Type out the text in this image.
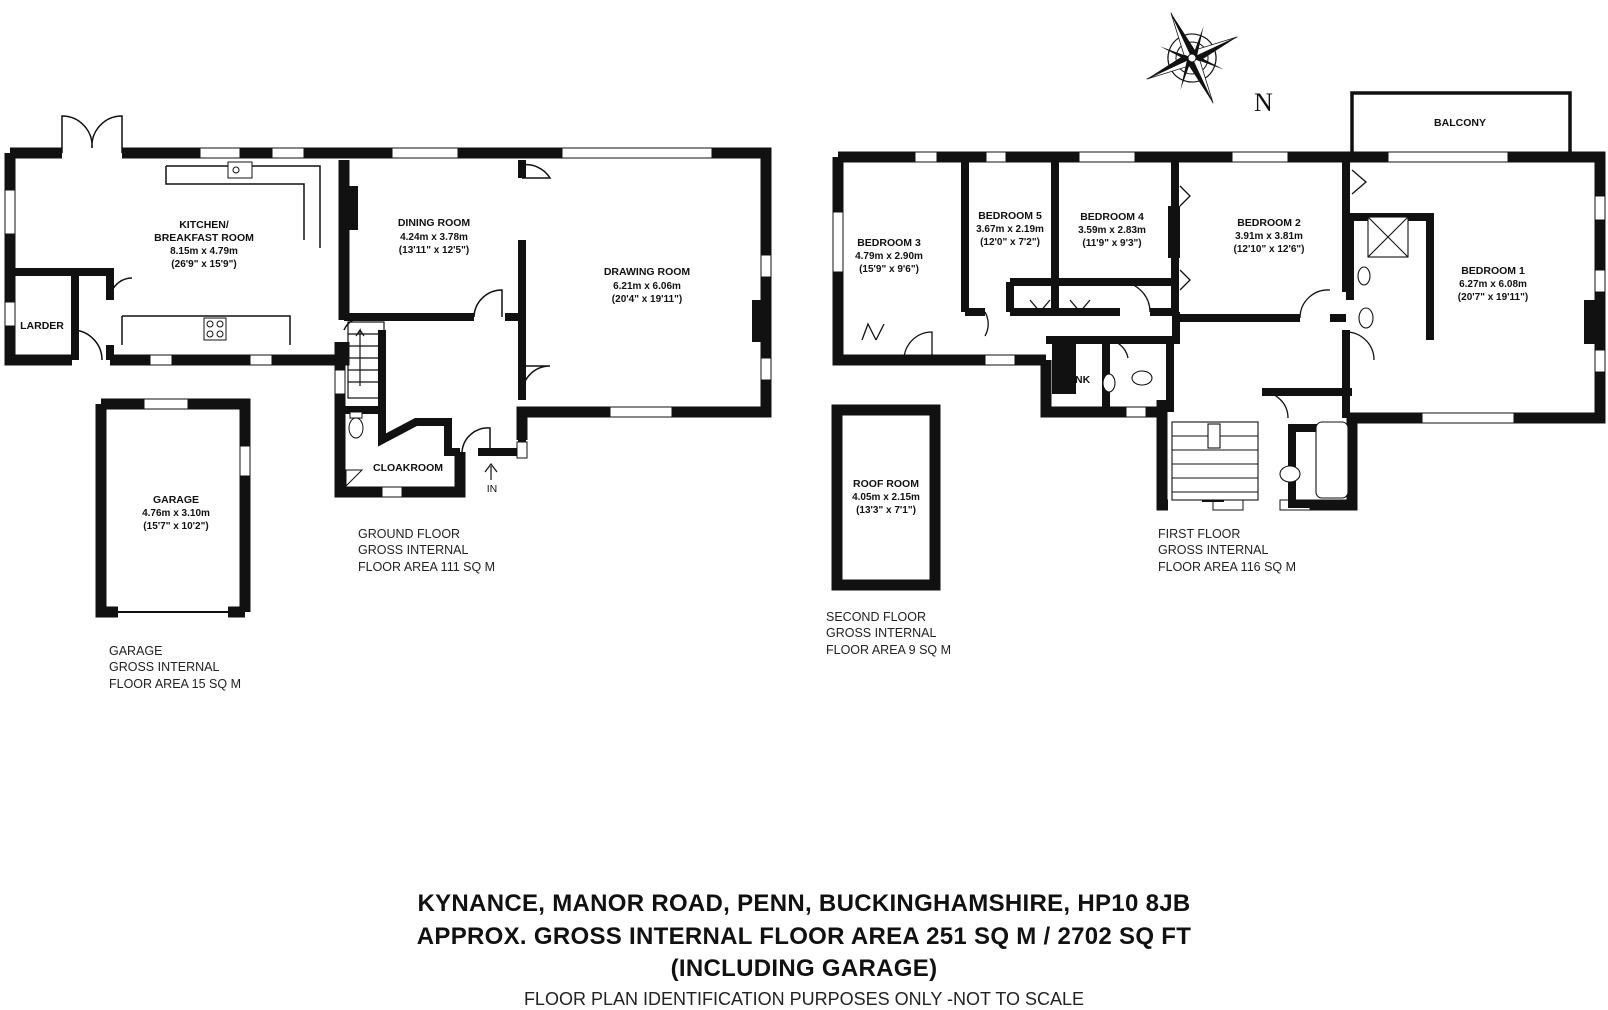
N
KITCHEN/
BREAKFAST ROOM
8.15m x 4.79m
(26'9" x 15'9")
LARDER
DINING ROOM
4.24m x 3.78m
(13'11" x 12'5")
DRAWING ROOM
6.21m x 6.06m
(20'4" x 19'11")
CLOAKROOM
IN
GARAGE
4.76m x 3.10m
(15'7" x 10'2")
ROOF ROOM
4.05m x 2.15m
(13'3" x 7'1")
BEDROOM 3
4.79m x 2.90m
(15'9" x 9'6")
BEDROOM 5
3.67m x 2.19m
(12'0" x 7'2")
BEDROOM 4
3.59m x 2.83m
(11'9" x 9'3")
BEDROOM 2
3.91m x 3.81m
(12'10" x 12'6")
BEDROOM 1
6.27m x 6.08m
(20'7" x 19'11")
BALCONY
TANK
GROUND FLOOR
GROSS INTERNAL
FLOOR AREA 111 SQ M
GARAGE
GROSS INTERNAL
FLOOR AREA 15 SQ M
SECOND FLOOR
GROSS INTERNAL
FLOOR AREA 9 SQ M
FIRST FLOOR
GROSS INTERNAL
FLOOR AREA 116 SQ M

KYNANCE, MANOR ROAD, PENN, BUCKINGHAMSHIRE, HP10 8JB

APPROX. GROSS INTERNAL FLOOR AREA 251 SQ M / 2702 SQ FT

(INCLUDING GARAGE)

FLOOR PLAN IDENTIFICATION PURPOSES ONLY -NOT TO SCALE
